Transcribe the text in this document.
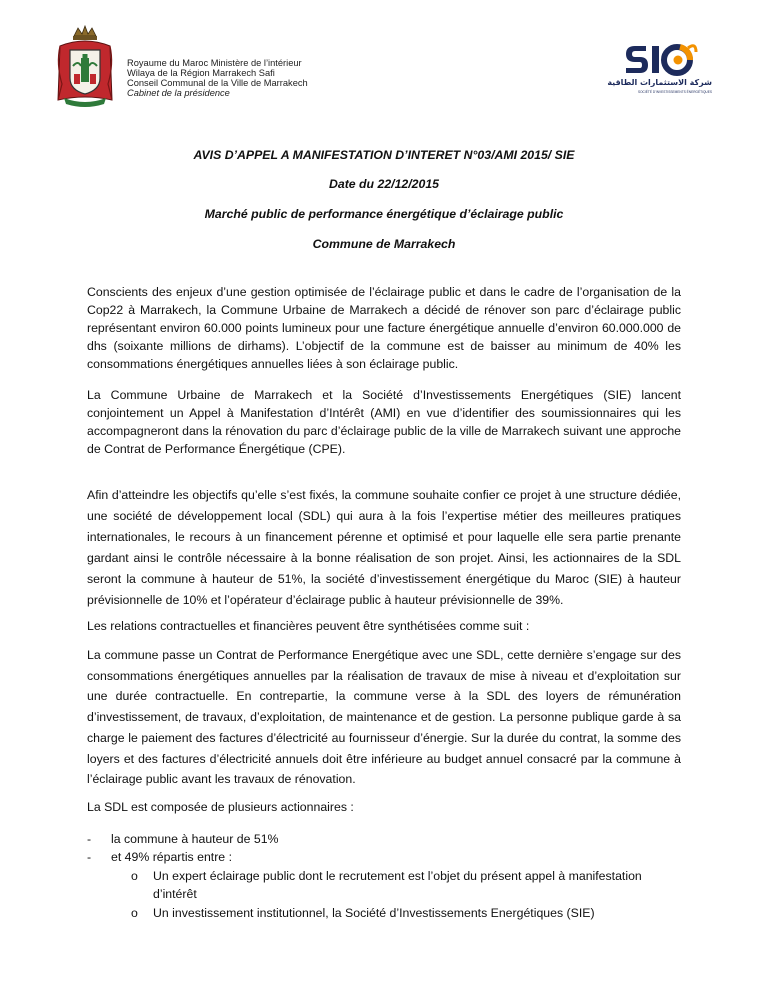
Royaume du Maroc Ministère de l’intérieur
Wilaya de la Région Marrakech Safi
Conseil Communal de la Ville de Marrakech
Cabinet de la présidence
شركة الاستثمارات الطاقية
SOCIÉTÉ D’INVESTISSEMENTS ÉNERGÉTIQUES
AVIS D’APPEL A MANIFESTATION D’INTERET N°03/AMI 2015/ SIE
Date du 22/12/2015
Marché public de performance énergétique d’éclairage public
Commune de Marrakech

Conscients des enjeux d’une gestion optimisée de l’éclairage public et dans le cadre de l’organisation de la Cop22 à Marrakech, la Commune Urbaine de Marrakech a décidé de rénover son parc d’éclairage public représentant environ 60.000 points lumineux pour une facture énergétique annuelle d’environ 60.000.000 de dhs (soixante millions de dirhams). L’objectif de la commune est de baisser au minimum de 40% les consommations énergétiques annuelles liées à son éclairage public.

La Commune Urbaine de Marrakech et la Société d’Investissements Energétiques (SIE) lancent conjointement un Appel à Manifestation d’Intérêt (AMI) en vue d’identifier des soumissionnaires qui les accompagneront dans la rénovation du parc d’éclairage public de la ville de Marrakech suivant une approche de Contrat de Performance Énergétique (CPE).

Afin d’atteindre les objectifs qu’elle s’est fixés, la commune souhaite confier ce projet à une structure dédiée, une société de développement local (SDL) qui aura à la fois l’expertise métier des meilleures pratiques internationales, le recours à un financement pérenne et optimisé et pour laquelle elle sera partie prenante gardant ainsi le contrôle nécessaire à la bonne réalisation de son projet. Ainsi, les actionnaires de la SDL seront la commune à hauteur de 51%, la société d’investissement énergétique du Maroc (SIE) à hauteur prévisionnelle de 10% et l’opérateur d’éclairage public à hauteur prévisionnelle de 39%.

Les relations contractuelles et financières peuvent être synthétisées comme suit :

La commune passe un Contrat de Performance Energétique avec une SDL, cette dernière s’engage sur des consommations énergétiques annuelles par la réalisation de travaux de mise à niveau et d’exploitation sur une durée contractuelle. En contrepartie, la commune verse à la SDL des loyers de rémunération d’investissement, de travaux, d’exploitation, de maintenance et de gestion. La personne publique garde à sa charge le paiement des factures d’électricité au fournisseur d’énergie. Sur la durée du contrat, la somme des loyers et des factures d’électricité annuels doit être inférieure au budget annuel consacré par la commune à l’éclairage public avant les travaux de rénovation.

La SDL est composée de plusieurs actionnaires :

- la commune à hauteur de 51%
- et 49% répartis entre :
o Un expert éclairage public dont le recrutement est l’objet du présent appel à manifestation d’intérêt
o Un investissement institutionnel, la Société d’Investissements Energétiques (SIE)
